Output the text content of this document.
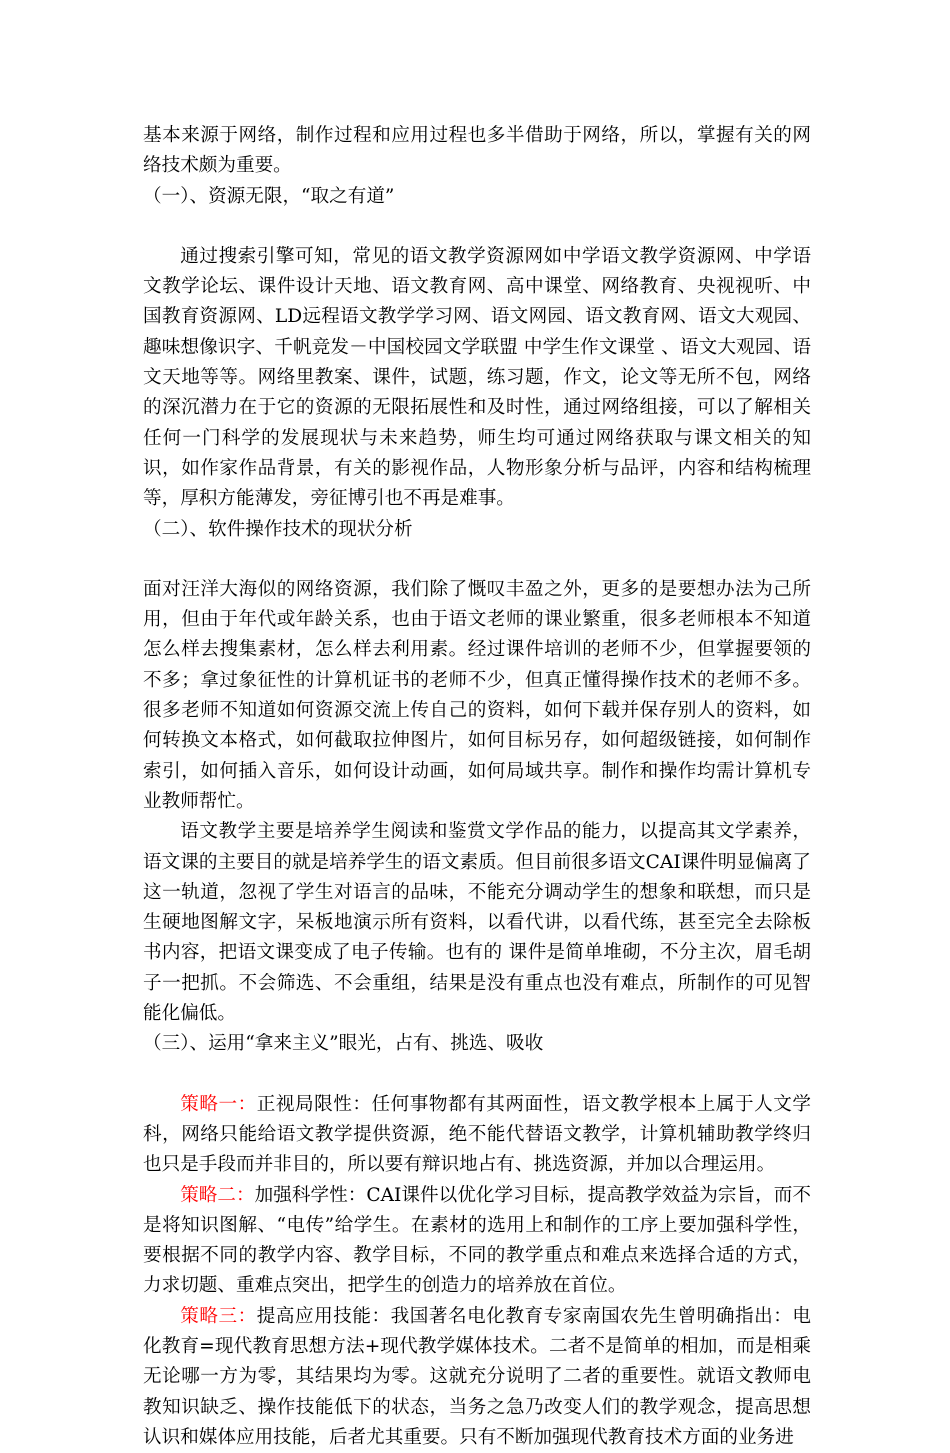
基本来源于网络，制作过程和应用过程也多半借助于网络，所以，掌握有关的网络技术颇为重要。

（一）、资源无限，“取之有道”

通过搜索引擎可知，常见的语文教学资源网如中学语文教学资源网、中学语文教学论坛、课件设计天地、语文教育网、高中课堂、网络教育、央视视听、中国教育资源网、LD远程语文教学学习网、语文网园、语文教育网、语文大观园、趣味想像识字、千帆竞发－中国校园文学联盟 中学生作文课堂 、语文大观园、语文天地等等。网络里教案、课件，试题，练习题，作文，论文等无所不包，网络的深沉潜力在于它的资源的无限拓展性和及时性，通过网络组接，可以了解相关任何一门科学的发展现状与未来趋势，师生均可通过网络获取与课文相关的知识，如作家作品背景，有关的影视作品，人物形象分析与品评，内容和结构梳理等，厚积方能薄发，旁征博引也不再是难事。

（二）、软件操作技术的现状分析

面对汪洋大海似的网络资源，我们除了慨叹丰盈之外，更多的是要想办法为己所用，但由于年代或年龄关系，也由于语文老师的课业繁重，很多老师根本不知道怎么样去搜集素材，怎么样去利用素。经过课件培训的老师不少，但掌握要领的不多；拿过象征性的计算机证书的老师不少，但真正懂得操作技术的老师不多。很多老师不知道如何资源交流上传自己的资料，如何下载并保存别人的资料，如何转换文本格式，如何截取拉伸图片，如何目标另存，如何超级链接，如何制作索引，如何插入音乐，如何设计动画，如何局域共享。制作和操作均需计算机专业教师帮忙。

语文教学主要是培养学生阅读和鉴赏文学作品的能力，以提高其文学素养，语文课的主要目的就是培养学生的语文素质。但目前很多语文CAI课件明显偏离了这一轨道，忽视了学生对语言的品味，不能充分调动学生的想象和联想，而只是生硬地图解文字，呆板地演示所有资料，以看代讲，以看代练，甚至完全去除板书内容，把语文课变成了电子传输。也有的 课件是简单堆砌，不分主次，眉毛胡子一把抓。不会筛选、不会重组，结果是没有重点也没有难点，所制作的可见智能化偏低。

（三）、运用“拿来主义”眼光，占有、挑选、吸收

策略一：正视局限性：任何事物都有其两面性，语文教学根本上属于人文学科，网络只能给语文教学提供资源，绝不能代替语文教学，计算机辅助教学终归也只是手段而并非目的，所以要有辩识地占有、挑选资源，并加以合理运用。

策略二：加强科学性：CAI课件以优化学习目标，提高教学效益为宗旨，而不是将知识图解、“电传”给学生。在素材的选用上和制作的工序上要加强科学性，要根据不同的教学内容、教学目标，不同的教学重点和难点来选择合适的方式，力求切题、重难点突出，把学生的创造力的培养放在首位。

策略三：提高应用技能：我国著名电化教育专家南国农先生曾明确指出：电化教育=现代教育思想方法+现代教学媒体技术。二者不是简单的相加，而是相乘无论哪一方为零，其结果均为零。这就充分说明了二者的重要性。就语文教师电教知识缺乏、操作技能低下的状态，当务之急乃改变人们的教学观念，提高思想认识和媒体应用技能，后者尤其重要。只有不断加强现代教育技术方面的业务进
